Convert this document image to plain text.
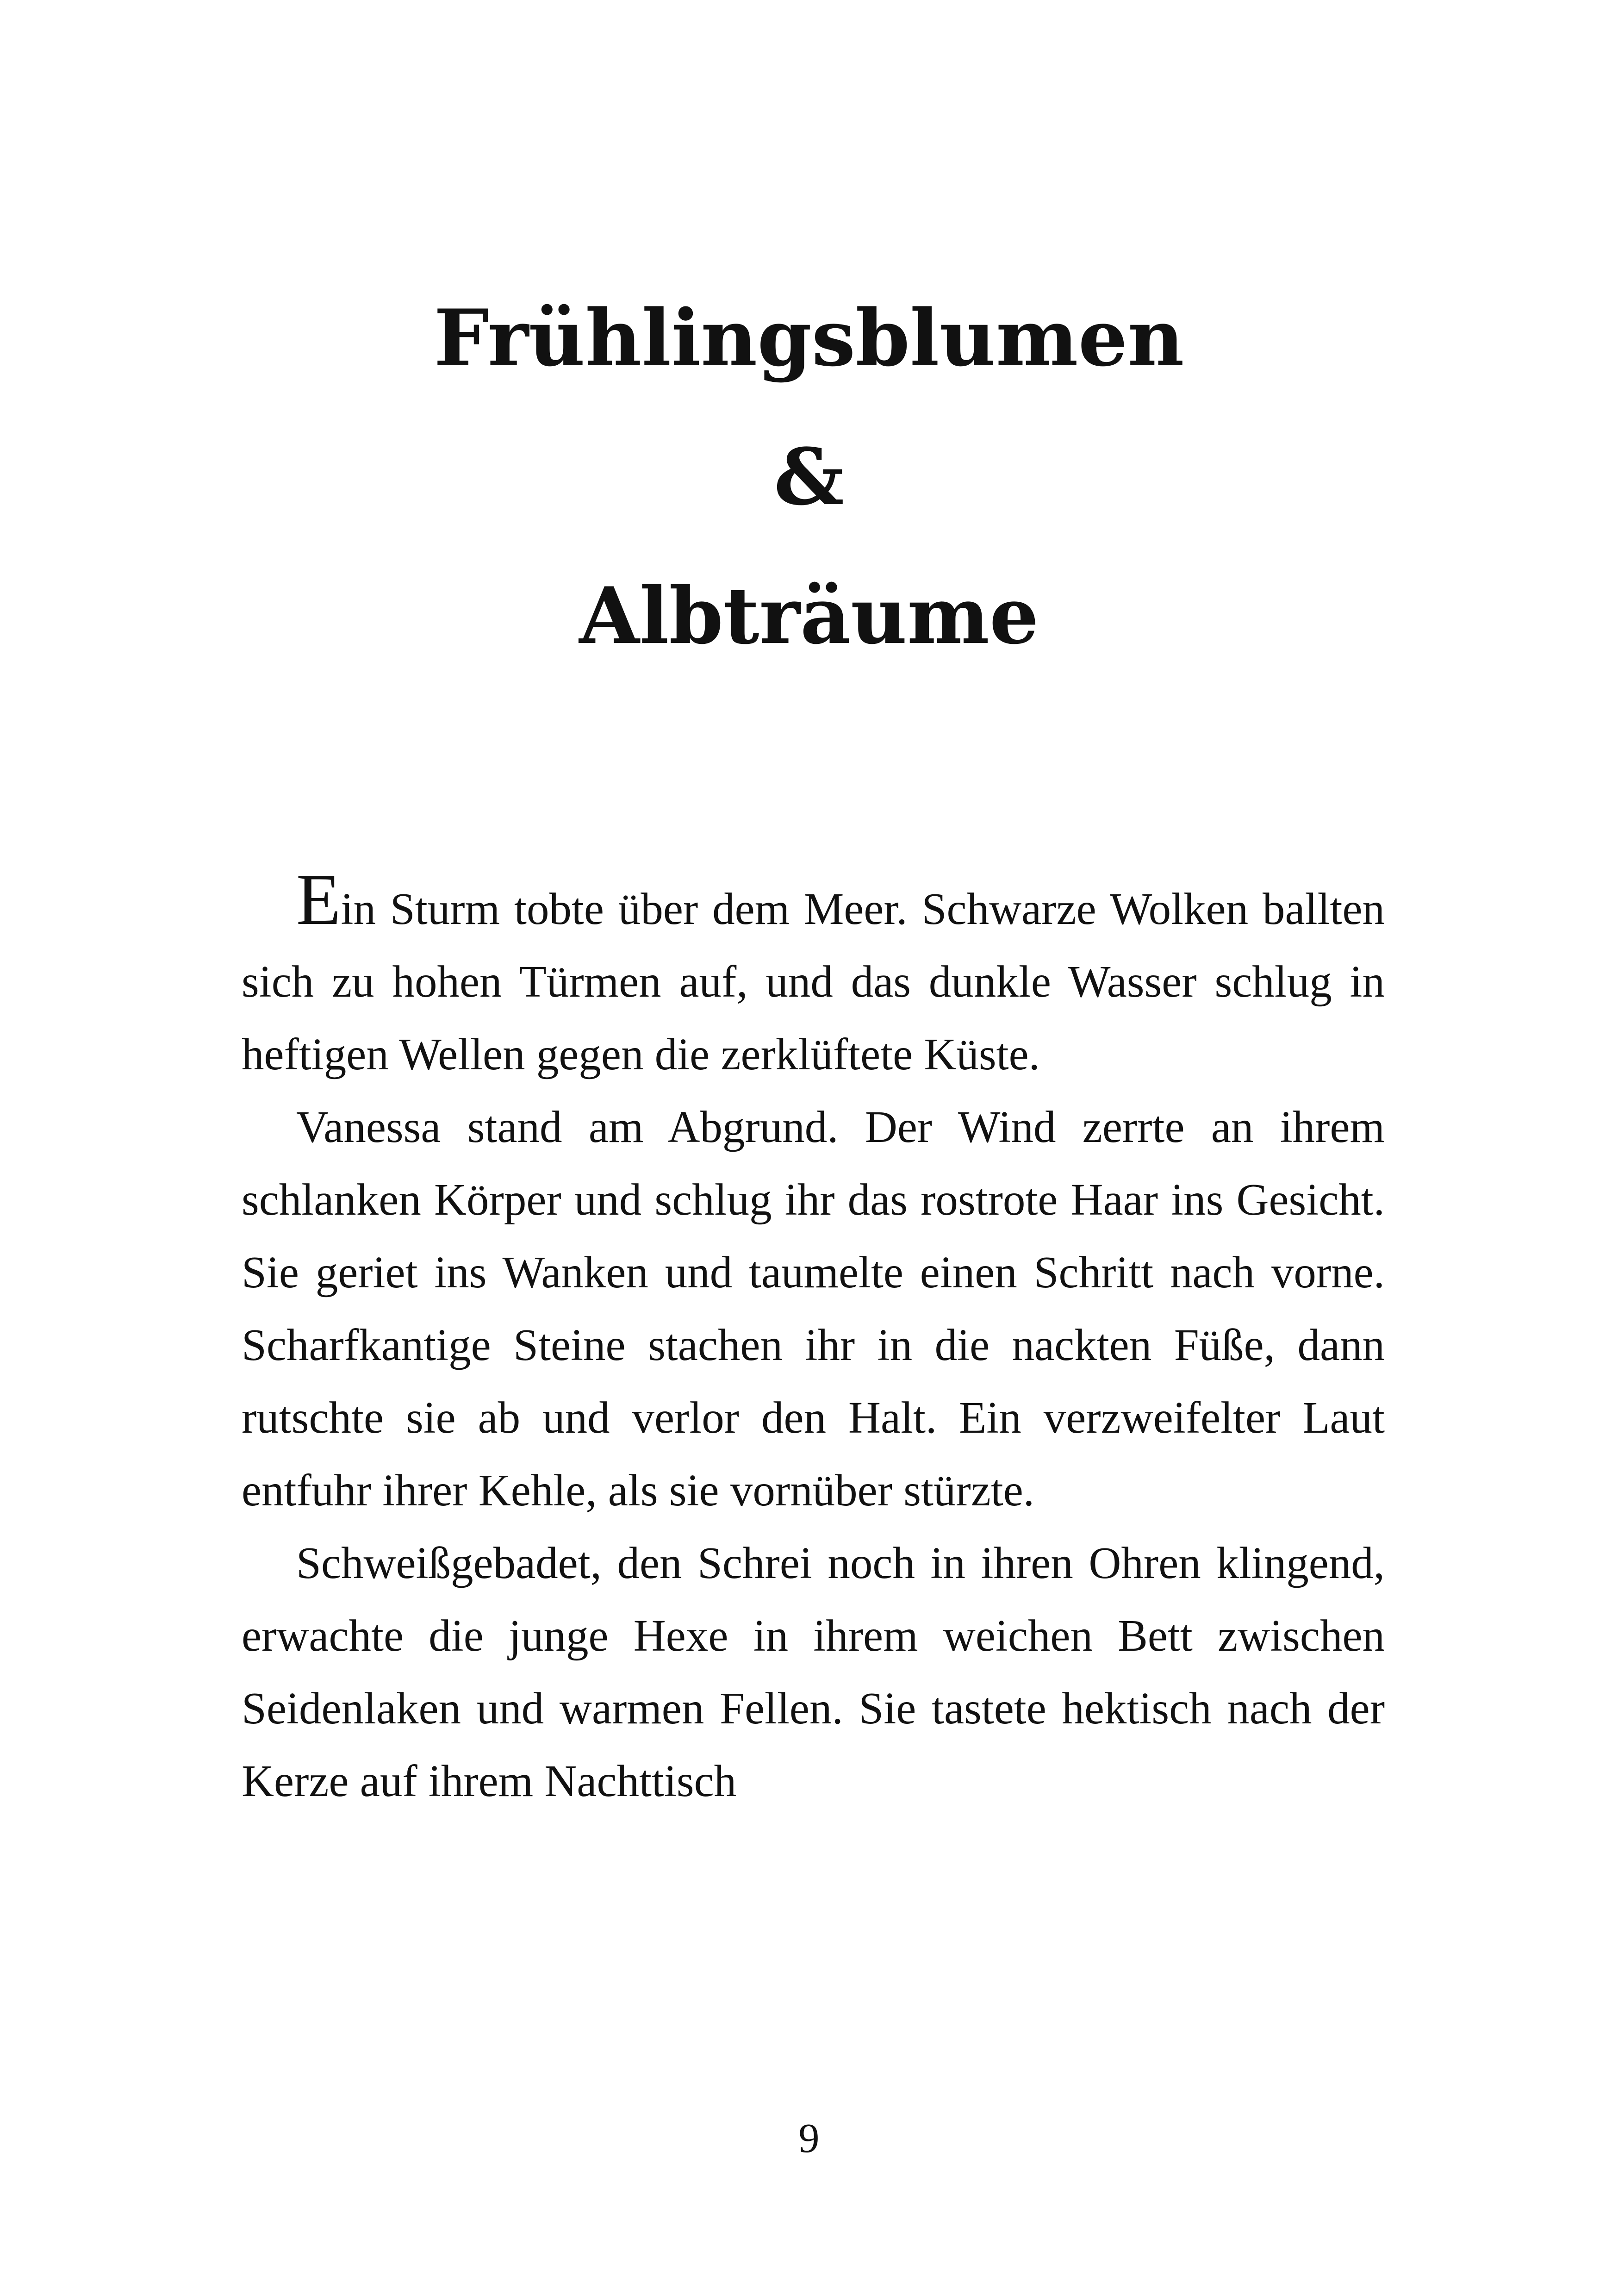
Frühlingsblumen

&

Albträume

Ein Sturm tobte über dem Meer. Schwarze Wolken ballten sich zu hohen Türmen auf, und das dunkle Wasser schlug in heftigen Wellen gegen die zerklüftete Küste.

Vanessa stand am Abgrund. Der Wind zerrte an ihrem schlanken Körper und schlug ihr das rostrote Haar ins Gesicht. Sie geriet ins Wanken und taumelte einen Schritt nach vorne. Scharfkantige Steine stachen ihr in die nackten Füße, dann rutschte sie ab und verlor den Halt. Ein verzweifelter Laut entfuhr ihrer Kehle, als sie vornüber stürzte.

Schweißgebadet, den Schrei noch in ihren Ohren klingend, erwachte die junge Hexe in ihrem weichen Bett zwischen Seidenlaken und warmen Fellen. Sie tastete hektisch nach der Kerze auf ihrem Nachttisch

9
